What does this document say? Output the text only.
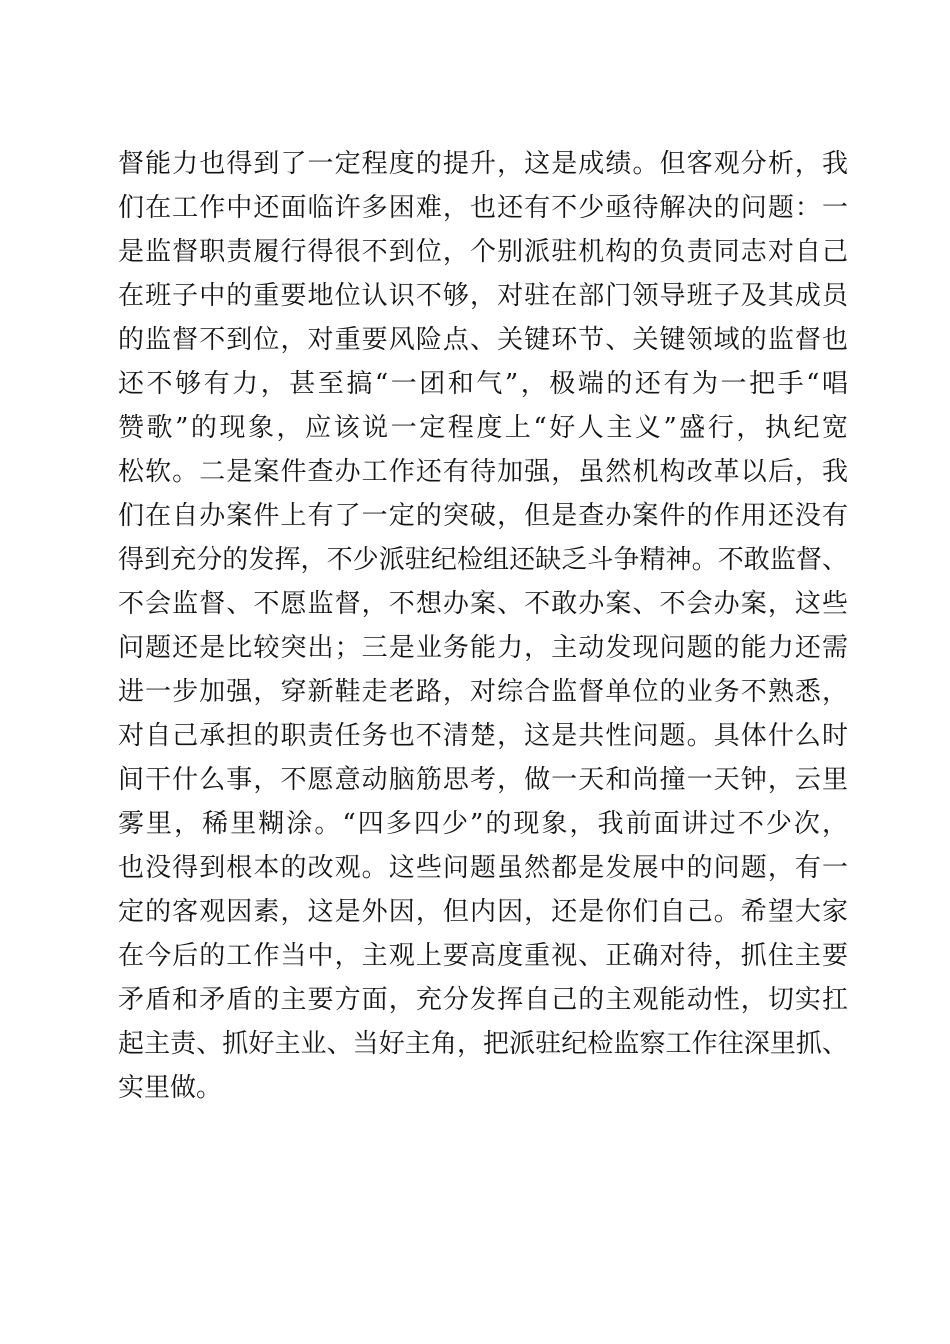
督能力也得到了一定程度的提升，这是成绩。但客观分析，我
们在工作中还面临许多困难，也还有不少亟待解决的问题：一
是监督职责履行得很不到位，个别派驻机构的负责同志对自己
在班子中的重要地位认识不够，对驻在部门领导班子及其成员
的监督不到位，对重要风险点、关键环节、关键领域的监督也
还不够有力，甚至搞“一团和气”，极端的还有为一把手“唱
赞歌”的现象，应该说一定程度上“好人主义”盛行，执纪宽
松软。二是案件查办工作还有待加强，虽然机构改革以后，我
们在自办案件上有了一定的突破，但是查办案件的作用还没有
得到充分的发挥，不少派驻纪检组还缺乏斗争精神。不敢监督、
不会监督、不愿监督，不想办案、不敢办案、不会办案，这些
问题还是比较突出；三是业务能力，主动发现问题的能力还需
进一步加强，穿新鞋走老路，对综合监督单位的业务不熟悉，
对自己承担的职责任务也不清楚，这是共性问题。具体什么时
间干什么事，不愿意动脑筋思考，做一天和尚撞一天钟，云里
雾里，稀里糊涂。“四多四少”的现象，我前面讲过不少次，
也没得到根本的改观。这些问题虽然都是发展中的问题，有一
定的客观因素，这是外因，但内因，还是你们自己。希望大家
在今后的工作当中，主观上要高度重视、正确对待，抓住主要
矛盾和矛盾的主要方面，充分发挥自己的主观能动性，切实扛
起主责、抓好主业、当好主角，把派驻纪检监察工作往深里抓、
实里做。
